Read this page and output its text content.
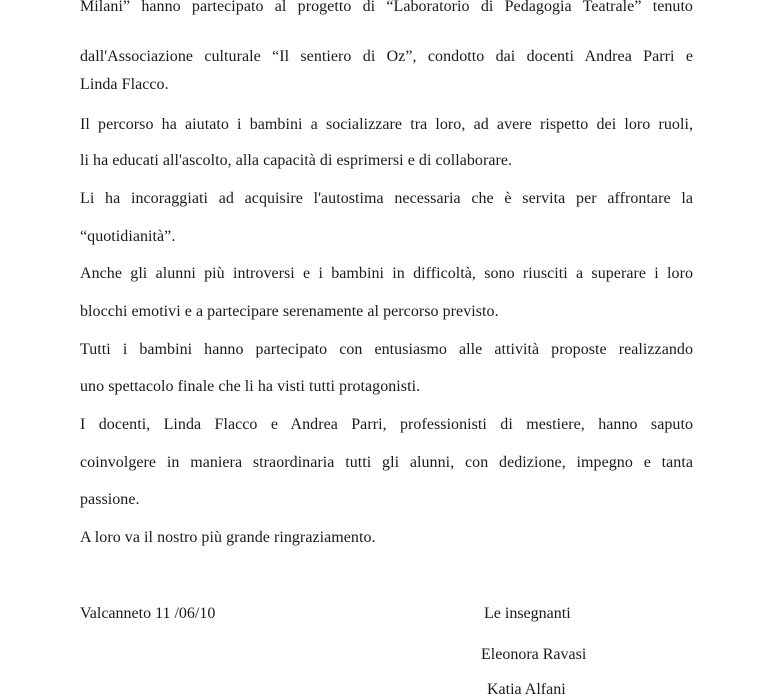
Milani” hanno partecipato al progetto di “Laboratorio di Pedagogia Teatrale” tenuto
dall'Associazione culturale “Il sentiero di Oz”, condotto dai docenti Andrea Parri e
Linda Flacco.
Il percorso ha aiutato i bambini a socializzare tra loro, ad avere rispetto dei loro ruoli,
li ha educati all'ascolto, alla capacità di esprimersi e di collaborare.
Li ha incoraggiati ad acquisire l'autostima necessaria che è servita per affrontare la
“quotidianità”.
Anche gli alunni più introversi e i bambini in difficoltà, sono riusciti a superare i loro
blocchi emotivi e a partecipare serenamente al percorso previsto.
Tutti i bambini hanno partecipato con entusiasmo alle attività proposte realizzando
uno spettacolo finale che li ha visti tutti protagonisti.
I docenti, Linda Flacco e Andrea Parri, professionisti di mestiere, hanno saputo
coinvolgere in maniera straordinaria tutti gli alunni, con dedizione, impegno e tanta
passione.
A loro va il nostro più grande ringraziamento.
Valcanneto 11 /06/10	Le insegnanti
Eleonora Ravasi
Katia Alfani
